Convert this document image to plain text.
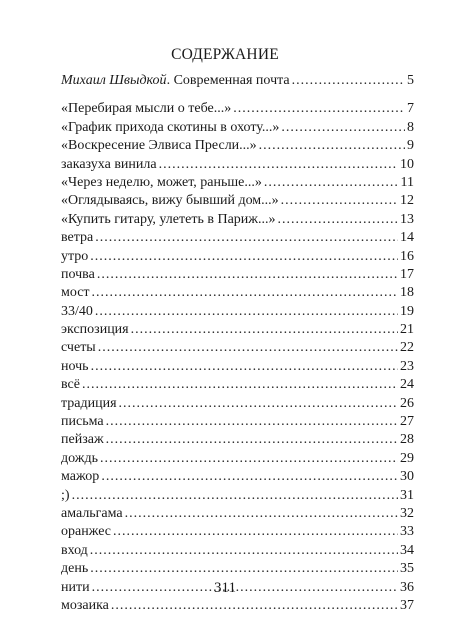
СОДЕРЖАНИЕ
Михаил Швыдкой. Современная почта .....	5
«Перебирая мысли о тебе...» .....	7
«График прихода скотины в охоту...» .....	8
«Воскресение Элвиса Пресли...» .....	9
заказуха винила .....	10
«Через неделю, может, раньше...» .....	11
«Оглядываясь, вижу бывший дом...» .....	12
«Купить гитару, улететь в Париж...» .....	13
ветра .....	14
утро .....	16
почва .....	17
мост .....	18
33/40 .....	19
экспозиция .....	21
счеты .....	22
ночь .....	23
всё .....	24
традиция .....	26
письма .....	27
пейзаж .....	28
дождь .....	29
мажор .....	30
;) .....	31
амальгама .....	32
оранжес .....	33
вход .....	34
день .....	35
нити .....	36
мозаика .....	37
311
